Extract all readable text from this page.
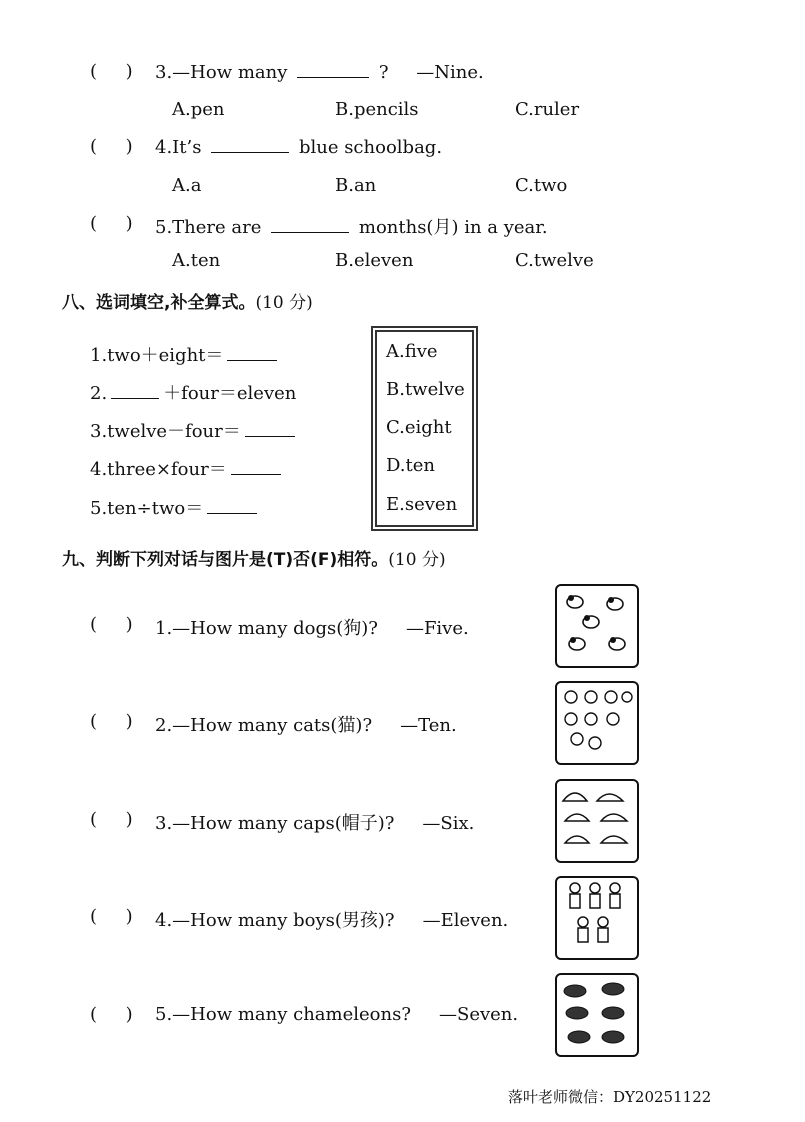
( ) 3.—How many	? —Nine.
A.pen	B.pencils	C.ruler
( ) 4.It’s	blue schoolbag.
A.a	B.an	C.two
( ) 5.There are	months(月) in a year.
A.ten	B.eleven	C.twelve
八、选词填空,补全算式。(10 分)
1.two＋eight＝
2.	＋four＝eleven
3.twelve－four＝
4.three×four＝
5.ten÷two＝
A.five
B.twelve
C.eight
D.ten
E.seven
九、判断下列对话与图片是(T)否(F)相符。(10 分)
( ) 1.—How many dogs(狗)? —Five.
( ) 2.—How many cats(猫)? —Ten.
( ) 3.—How many caps(帽子)? —Six.
( ) 4.—How many boys(男孩)? —Eleven.
( ) 5.—How many chameleons? —Seven.
落叶老师微信：DY20251122
